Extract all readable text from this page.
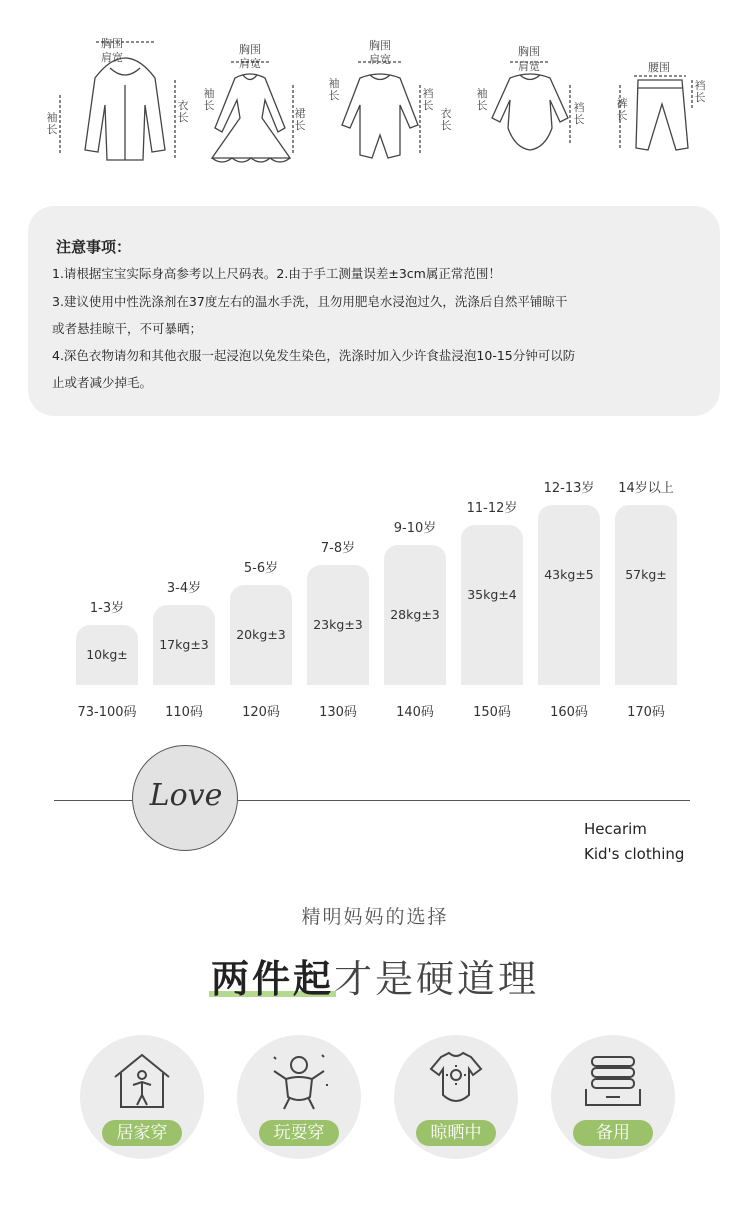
胸围
肩宽
袖长
衣长
胸围
肩宽
袖长
裙长
胸围
肩宽
袖长	裆长
衣长
胸围
肩宽
袖长	裆长
腰围
裤长
裆长
注意事项：
1.请根据宝宝实际身高参考以上尺码表。2.由于手工测量误差±3cm属正常范围！
3.建议使用中性洗涤剂在37度左右的温水手洗，且勿用肥皂水浸泡过久，洗涤后自然平铺晾干
或者悬挂晾干，不可暴晒；
4.深色衣物请勿和其他衣服一起浸泡以免发生染色，洗涤时加入少许食盐浸泡10-15分钟可以防
止或者减少掉毛。
1-3岁
10kg±
73-100码
3-4岁
17kg±3
110码
5-6岁
20kg±3
120码
7-8岁
23kg±3
130码
9-10岁
28kg±3
140码
11-12岁
35kg±4
150码
12-13岁
43kg±5
160码
14岁以上
57kg±
170码
Love
Hecarim
Kid's clothing
精明妈妈的选择
两件起才是硬道理
居家穿	玩耍穿	晾晒中	备用
